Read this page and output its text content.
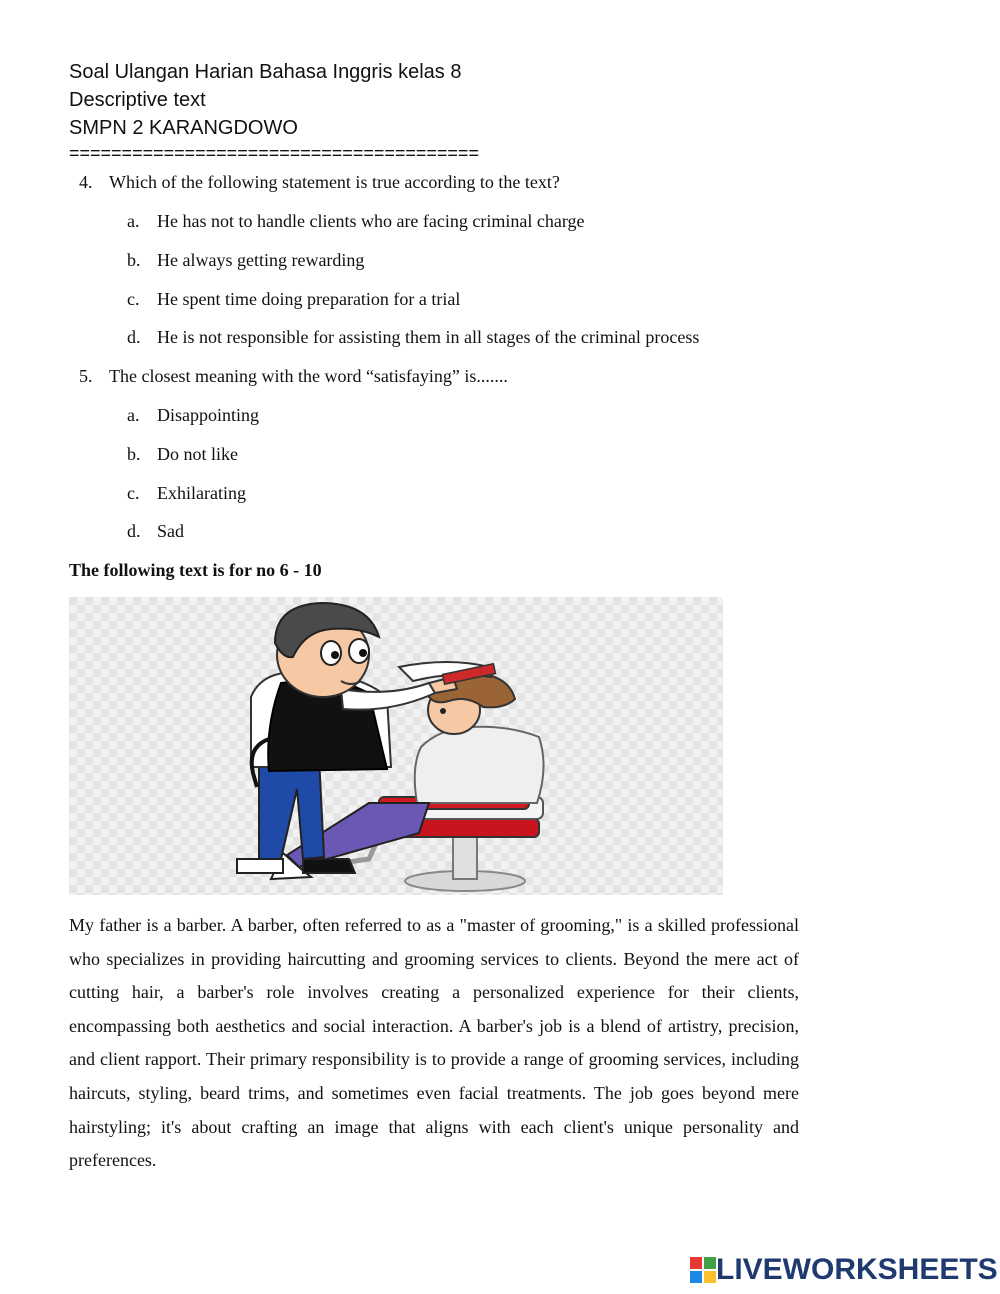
Soal Ulangan Harian Bahasa Inggris kelas 8
Descriptive text
SMPN 2 KARANGDOWO
=======================================
4. Which of the following statement is true according to the text?
a. He has not to handle clients who are facing criminal charge
b. He always getting rewarding
c. He spent time doing preparation for a trial
d. He is not responsible for assisting them in all stages of the criminal process
5. The closest meaning with the word “satisfaying” is.......
a. Disappointing
b. Do not like
c. Exhilarating
d. Sad
The following text is for no 6 - 10
My father is a barber. A barber, often referred to as a "master of grooming," is a skilled professional who specializes in providing haircutting and grooming services to clients. Beyond the mere act of cutting hair, a barber's role involves creating a personalized experience for their clients, encompassing both aesthetics and social interaction. A barber's job is a blend of artistry, precision, and client rapport. Their primary responsibility is to provide a range of grooming services, including haircuts, styling, beard trims, and sometimes even facial treatments. The job goes beyond mere hairstyling; it's about crafting an image that aligns with each client's unique personality and preferences.
LIVEWORKSHEETS
